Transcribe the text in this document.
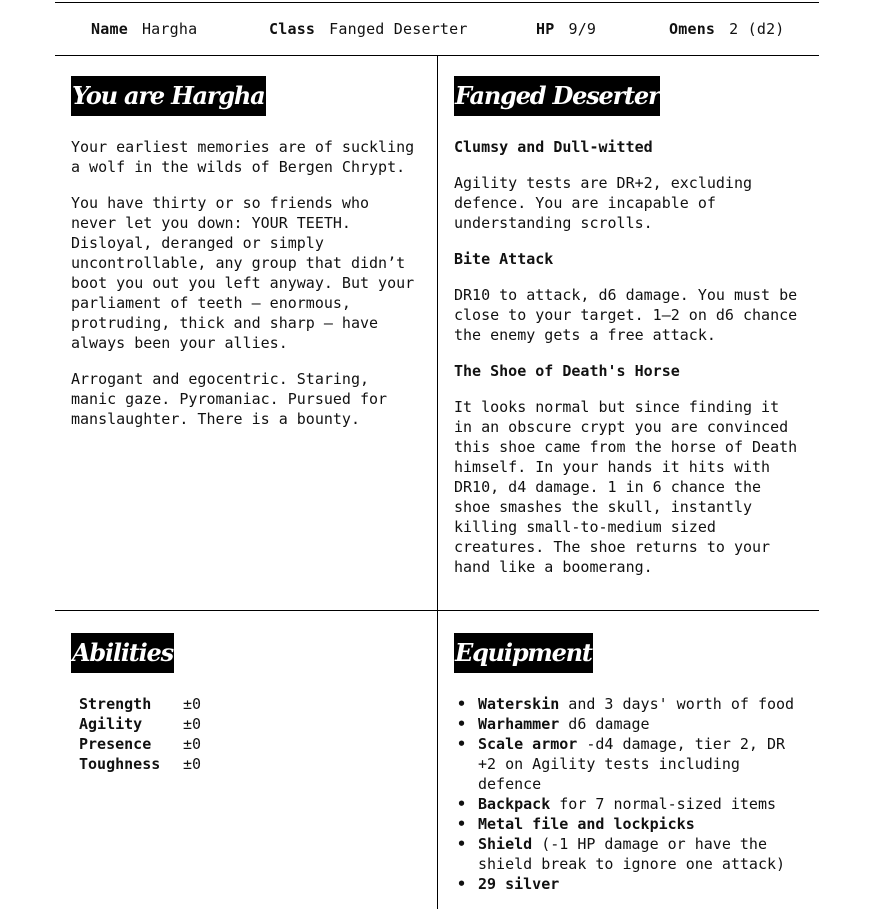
Name Hargha	Class Fanged Deserter	HP 9/9	Omens 2 (d2)
You are Hargha

Your earliest memories are of suckling a wolf in the wilds of Bergen Chrypt.

You have thirty or so friends who never let you down: YOUR TEETH. Disloyal, deranged or simply uncontrollable, any group that didn’t boot you out you left anyway. But your parliament of teeth — enormous, protruding, thick and sharp — have always been your allies.

Arrogant and egocentric. Staring, manic gaze. Pyromaniac. Pursued for manslaughter. There is a bounty.

Fanged Deserter

Clumsy and Dull-witted

Agility tests are DR+2, excluding defence. You are incapable of understanding scrolls.

Bite Attack

DR10 to attack, d6 damage. You must be close to your target. 1–2 on d6 chance the enemy gets a free attack.

The Shoe of Death's Horse

It looks normal but since finding it in an obscure crypt you are convinced this shoe came from the horse of Death himself. In your hands it hits with DR10, d4 damage. 1 in 6 chance the shoe smashes the skull, instantly killing small-to-medium sized creatures. The shoe returns to your hand like a boomerang.

Abilities
Strength	±0
Agility	±0
Presence	±0
Toughness	±0
Equipment
• Waterskin and 3 days' worth of food
• Warhammer d6 damage
• Scale armor -d4 damage, tier 2, DR +2 on Agility tests including defence
• Backpack for 7 normal-sized items
• Metal file and lockpicks
• Shield (-1 HP damage or have the shield break to ignore one attack)
• 29 silver
